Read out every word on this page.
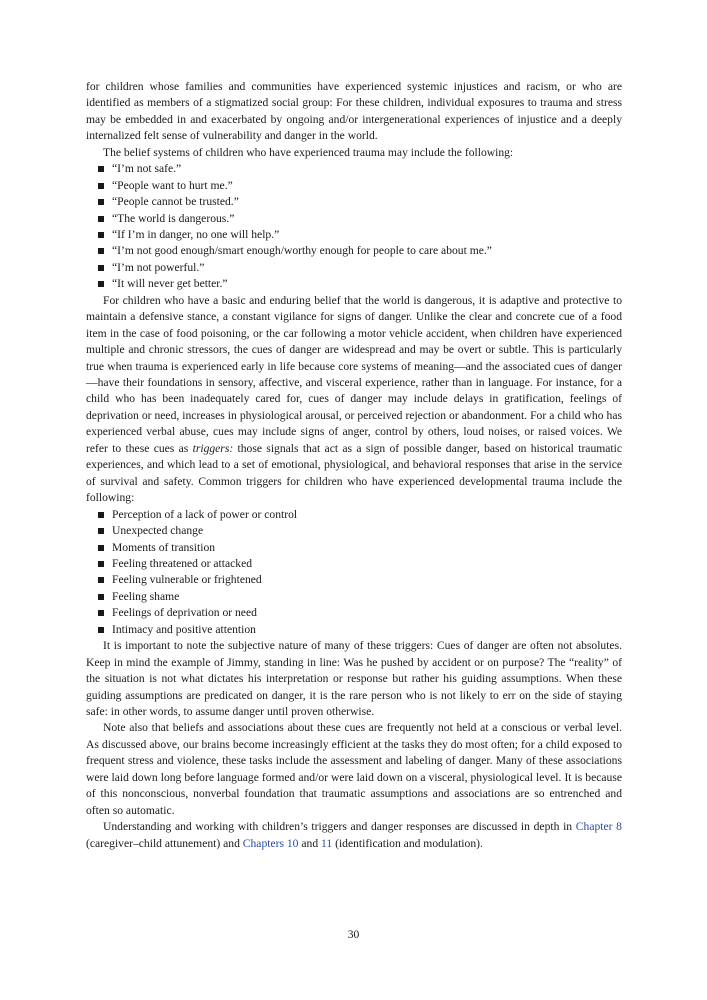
for children whose families and communities have experienced systemic injustices and racism, or who are identified as members of a stigmatized social group: For these children, individual exposures to trauma and stress may be embedded in and exacerbated by ongoing and/or intergenerational experiences of injustice and a deeply internalized felt sense of vulnerability and danger in the world.

The belief systems of children who have experienced trauma may include the following:

“I’m not safe.”
“People want to hurt me.”
“People cannot be trusted.”
“The world is dangerous.”
“If I’m in danger, no one will help.”
“I’m not good enough/smart enough/worthy enough for people to care about me.”
“I’m not powerful.”
“It will never get better.”

For children who have a basic and enduring belief that the world is dangerous, it is adaptive and protective to maintain a defensive stance, a constant vigilance for signs of danger. Unlike the clear and concrete cue of a food item in the case of food poisoning, or the car following a motor vehicle accident, when children have experienced multiple and chronic stressors, the cues of danger are widespread and may be overt or subtle. This is particularly true when trauma is experienced early in life because core systems of meaning—and the associated cues of danger—have their foundations in sensory, affective, and visceral experience, rather than in language. For instance, for a child who has been inadequately cared for, cues of danger may include delays in gratification, feelings of deprivation or need, increases in physiological arousal, or perceived rejection or abandonment. For a child who has experienced verbal abuse, cues may include signs of anger, control by others, loud noises, or raised voices. We refer to these cues as triggers: those signals that act as a sign of possible danger, based on historical traumatic experiences, and which lead to a set of emotional, physiological, and behavioral responses that arise in the service of survival and safety. Common triggers for children who have experienced developmental trauma include the following:

Perception of a lack of power or control
Unexpected change
Moments of transition
Feeling threatened or attacked
Feeling vulnerable or frightened
Feeling shame
Feelings of deprivation or need
Intimacy and positive attention

It is important to note the subjective nature of many of these triggers: Cues of danger are often not absolutes. Keep in mind the example of Jimmy, standing in line: Was he pushed by accident or on purpose? The “reality” of the situation is not what dictates his interpretation or response but rather his guiding assumptions. When these guiding assumptions are predicated on danger, it is the rare person who is not likely to err on the side of staying safe: in other words, to assume danger until proven otherwise.

Note also that beliefs and associations about these cues are frequently not held at a conscious or verbal level. As discussed above, our brains become increasingly efficient at the tasks they do most often; for a child exposed to frequent stress and violence, these tasks include the assessment and labeling of danger. Many of these associations were laid down long before language formed and/or were laid down on a visceral, physiological level. It is because of this nonconscious, nonverbal foundation that traumatic assumptions and associations are so entrenched and often so automatic.

Understanding and working with children’s triggers and danger responses are discussed in depth in Chapter 8 (caregiver–child attunement) and Chapters 10 and 11 (identification and modulation).

30
